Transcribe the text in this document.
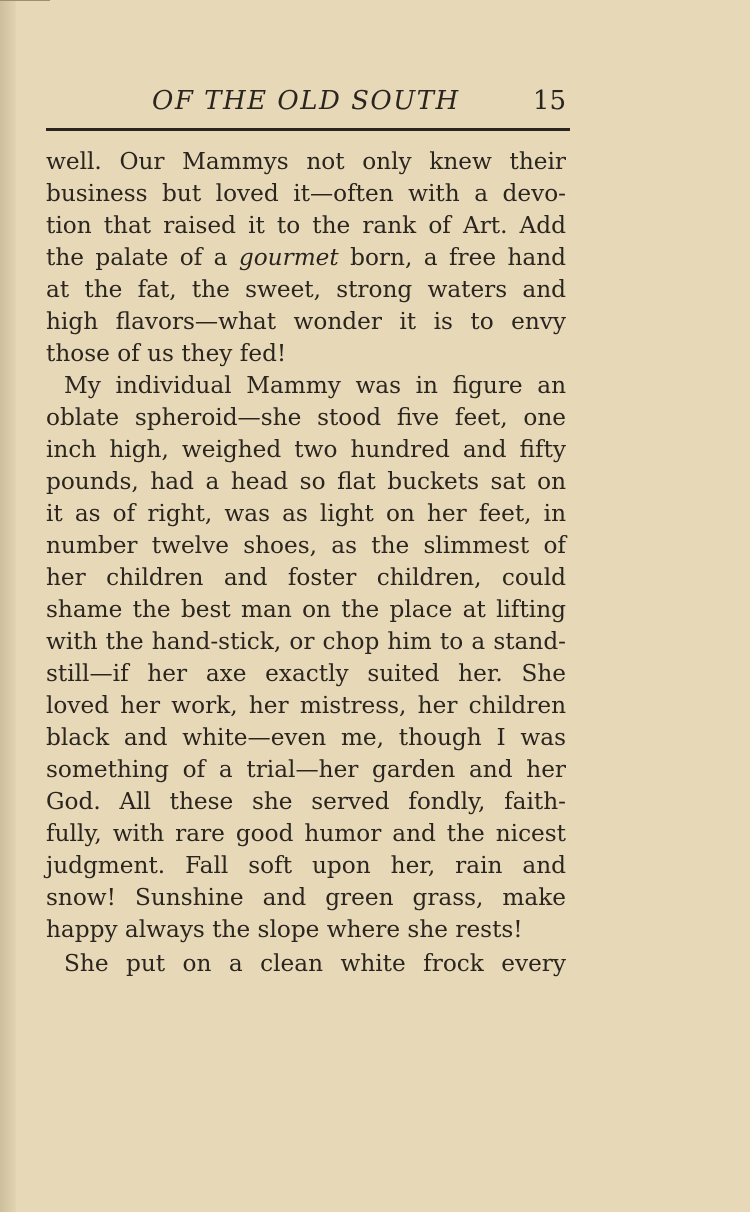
OF THE OLD SOUTH	15
well. Our Mammys not only knew their
business but loved it—often with a devo-
tion that raised it to the rank of Art. Add
the palate of a gourmet born, a free hand
at the fat, the sweet, strong waters and
high flavors—what wonder it is to envy
those of us they fed!
My individual Mammy was in figure an
oblate spheroid—she stood five feet, one
inch high, weighed two hundred and fifty
pounds, had a head so flat buckets sat on
it as of right, was as light on her feet, in
number twelve shoes, as the slimmest of
her children and foster children, could
shame the best man on the place at lifting
with the hand-stick, or chop him to a stand-
still—if her axe exactly suited her. She
loved her work, her mistress, her children
black and white—even me, though I was
something of a trial—her garden and her
God. All these she served fondly, faith-
fully, with rare good humor and the nicest
judgment. Fall soft upon her, rain and
snow! Sunshine and green grass, make
happy always the slope where she rests!
She put on a clean white frock every
